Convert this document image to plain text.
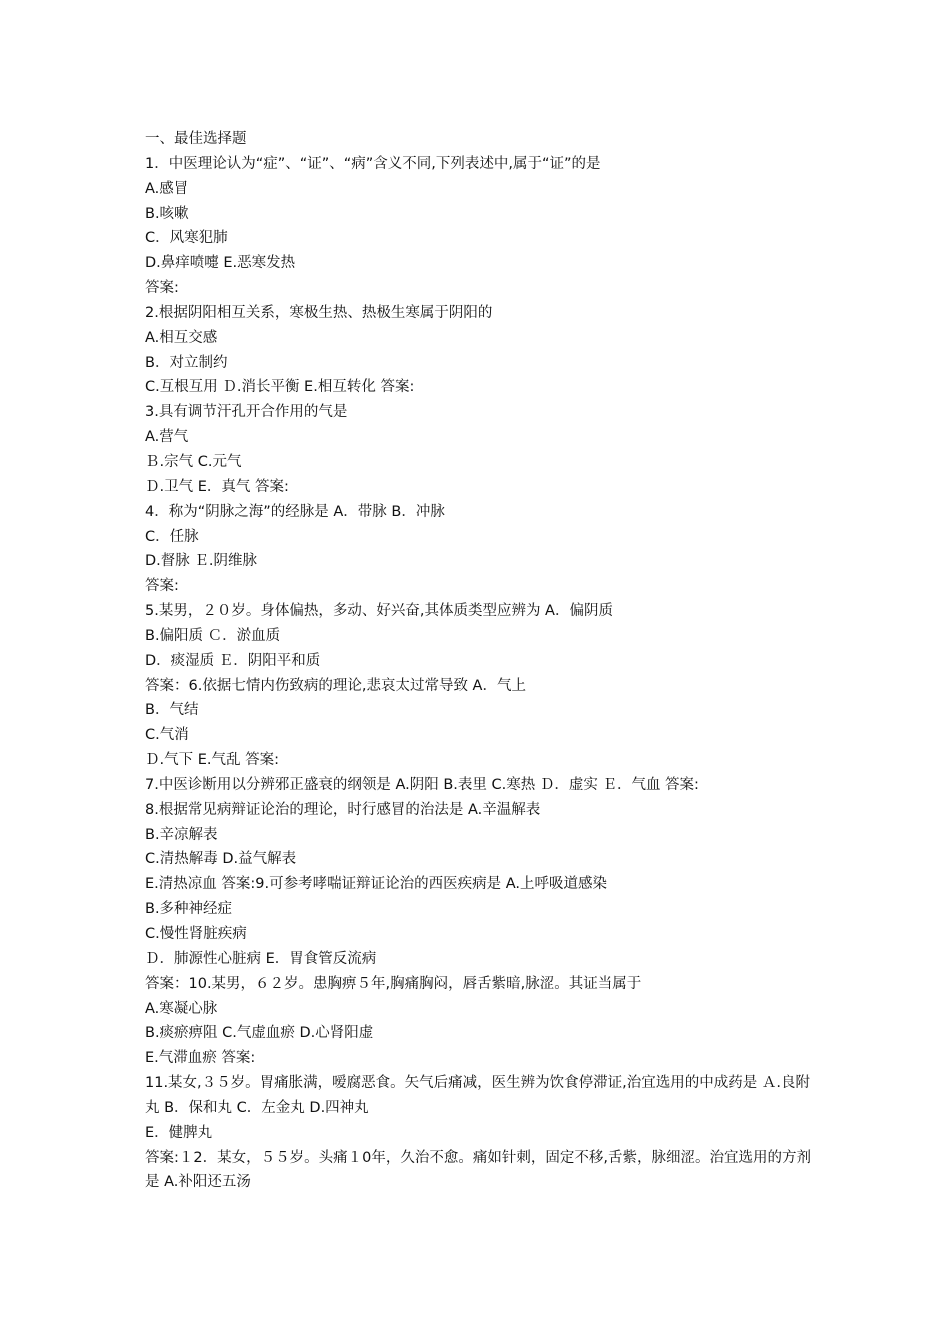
一、最佳选择题

1．中医理论认为“症”、“证”、“病”含义不同,下列表述中,属于“证”的是

A.感冒

B.咳嗽

C．风寒犯肺

D.鼻痒喷嚏 E.恶寒发热

答案:

2.根据阴阳相互关系，寒极生热、热极生寒属于阴阳的

A.相互交感

B．对立制约

C.互根互用 Ｄ.消长平衡 E.相互转化 答案:

3.具有调节汗孔开合作用的气是

A.营气

Ｂ.宗气 C.元气

Ｄ.卫气 E．真气 答案:

4．称为“阴脉之海”的经脉是 A．带脉 B．冲脉

C．任脉

D.督脉 Ｅ.阴维脉

答案:

5.某男，２０岁。身体偏热，多动、好兴奋,其体质类型应辨为 A．偏阴质

B.偏阳质 Ｃ．淤血质

D．痰湿质 Ｅ．阴阳平和质

答案：6.依据七情内伤致病的理论,悲哀太过常导致 A．气上

B．气结

C.气消

Ｄ.气下 E.气乱 答案:

7.中医诊断用以分辨邪正盛衰的纲领是 A.阴阳 B.表里 C.寒热 Ｄ．虚实 Ｅ．气血 答案:

8.根据常见病辩证论治的理论，时行感冒的治法是 A.辛温解表

B.辛凉解表

C.清热解毒 D.益气解表

E.清热凉血 答案:9.可参考哮喘证辩证论治的西医疾病是 A.上呼吸道感染

B.多种神经症

C.慢性肾脏疾病

Ｄ．肺源性心脏病 E．胃食管反流病

答案：10.某男，６２岁。患胸痹５年,胸痛胸闷，唇舌紫暗,脉涩。其证当属于

A.寒凝心脉

B.痰瘀痹阻 C.气虚血瘀 D.心肾阳虚

E.气滞血瘀 答案:

11.某女,３５岁。胃痛胀满，嗳腐恶食。矢气后痛减，医生辨为饮食停滞证,治宜选用的中成药是 Ａ.良附丸 B．保和丸 C．左金丸 D.四神丸

E．健脾丸

答案:１2．某女，５５岁。头痛１0年，久治不愈。痛如针刺，固定不移,舌紫，脉细涩。治宜选用的方剂是 A.补阳还五汤
